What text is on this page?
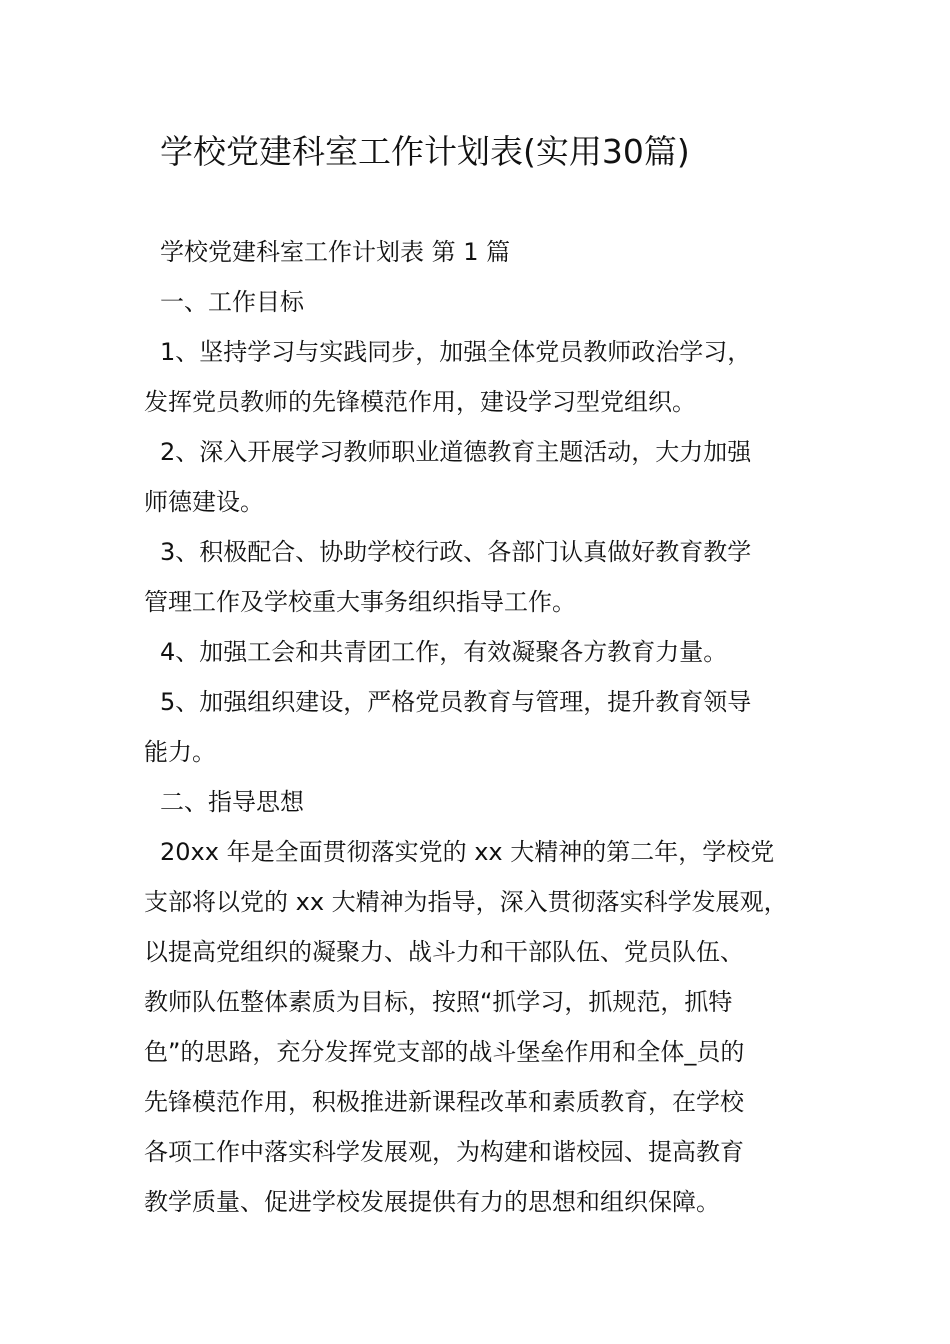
学校党建科室工作计划表(实用30篇)
学校党建科室工作计划表 第 1 篇
一、工作目标
1、坚持学习与实践同步，加强全体党员教师政治学习，
发挥党员教师的先锋模范作用，建设学习型党组织。
2、深入开展学习教师职业道德教育主题活动，大力加强
师德建设。
3、积极配合、协助学校行政、各部门认真做好教育教学
管理工作及学校重大事务组织指导工作。
4、加强工会和共青团工作，有效凝聚各方教育力量。
5、加强组织建设，严格党员教育与管理，提升教育领导
能力。
二、指导思想
20xx 年是全面贯彻落实党的 xx 大精神的第二年，学校党
支部将以党的 xx 大精神为指导，深入贯彻落实科学发展观，
以提高党组织的凝聚力、战斗力和干部队伍、党员队伍、
教师队伍整体素质为目标，按照“抓学习，抓规范，抓特
色”的思路，充分发挥党支部的战斗堡垒作用和全体_员的
先锋模范作用，积极推进新课程改革和素质教育，在学校
各项工作中落实科学发展观，为构建和谐校园、提高教育
教学质量、促进学校发展提供有力的思想和组织保障。
